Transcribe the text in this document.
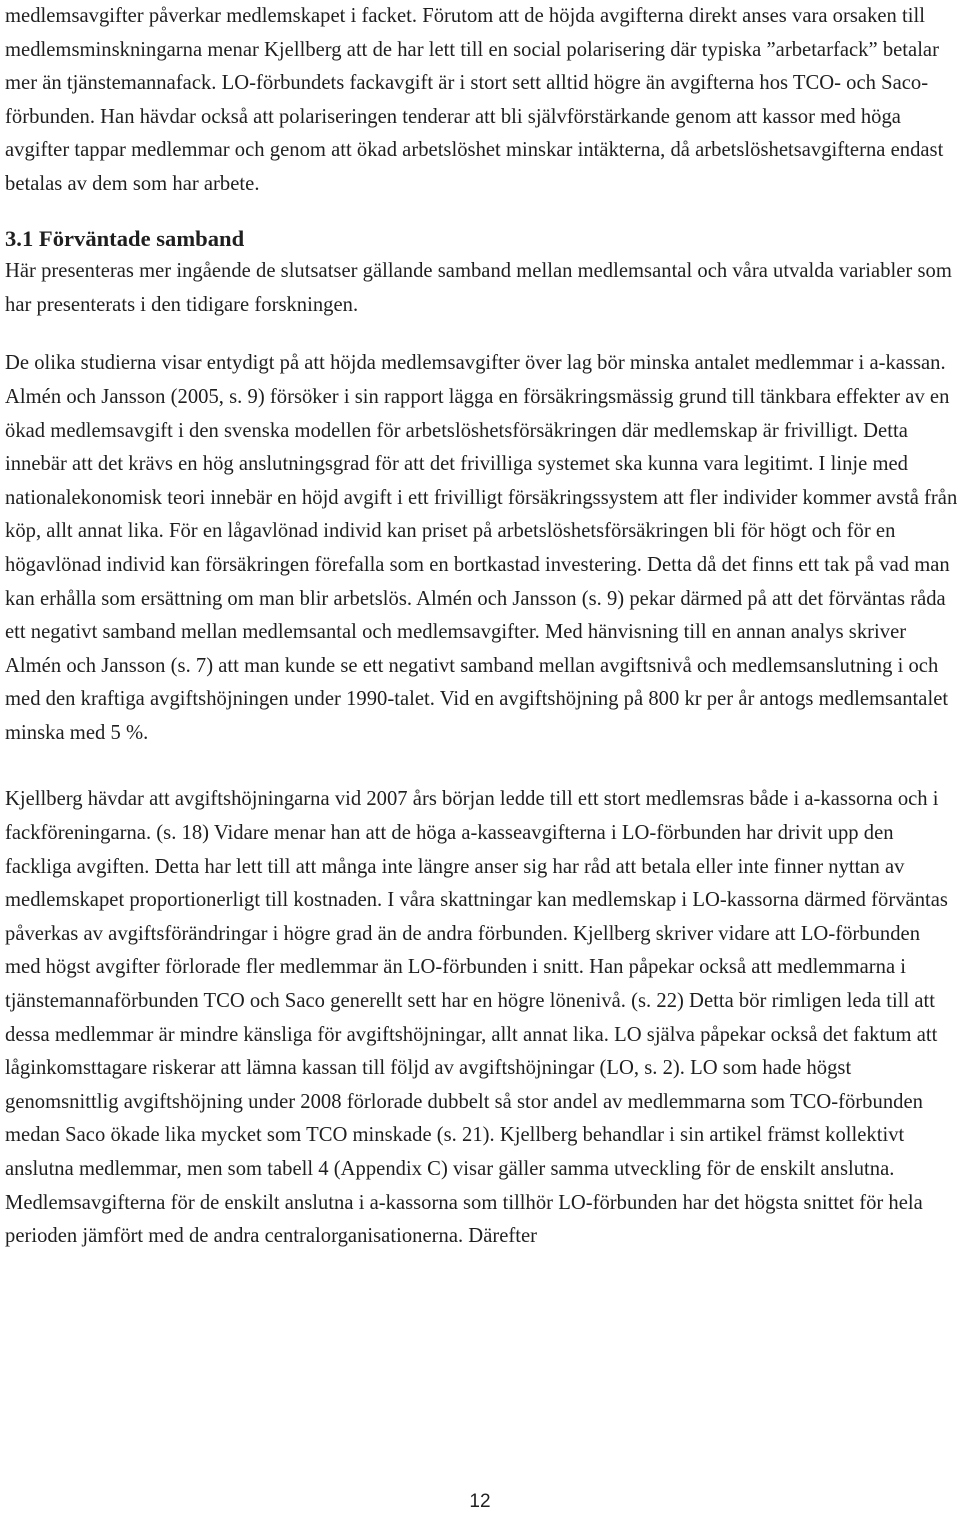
medlemsavgifter påverkar medlemskapet i facket. Förutom att de höjda avgifterna direkt anses vara orsaken till medlemsminskningarna menar Kjellberg att de har lett till en social polarisering där typiska ”arbetarfack” betalar mer än tjänstemannafack. LO-förbundets fackavgift är i stort sett alltid högre än avgifterna hos TCO- och Saco-förbunden. Han hävdar också att polariseringen tenderar att bli självförstärkande genom att kassor med höga avgifter tappar medlemmar och genom att ökad arbetslöshet minskar intäkterna, då arbetslöshetsavgifterna endast betalas av dem som har arbete.

3.1 Förväntade samband

Här presenteras mer ingående de slutsatser gällande samband mellan medlemsantal och våra utvalda variabler som har presenterats i den tidigare forskningen.

De olika studierna visar entydigt på att höjda medlemsavgifter över lag bör minska antalet medlemmar i a-kassan. Almén och Jansson (2005, s. 9) försöker i sin rapport lägga en försäkringsmässig grund till tänkbara effekter av en ökad medlemsavgift i den svenska modellen för arbetslöshetsförsäkringen där medlemskap är frivilligt. Detta innebär att det krävs en hög anslutningsgrad för att det frivilliga systemet ska kunna vara legitimt. I linje med nationalekonomisk teori innebär en höjd avgift i ett frivilligt försäkringssystem att fler individer kommer avstå från köp, allt annat lika. För en lågavlönad individ kan priset på arbetslöshetsförsäkringen bli för högt och för en högavlönad individ kan försäkringen förefalla som en bortkastad investering. Detta då det finns ett tak på vad man kan erhålla som ersättning om man blir arbetslös. Almén och Jansson (s. 9) pekar därmed på att det förväntas råda ett negativt samband mellan medlemsantal och medlemsavgifter. Med hänvisning till en annan analys skriver Almén och Jansson (s. 7) att man kunde se ett negativt samband mellan avgiftsnivå och medlemsanslutning i och med den kraftiga avgiftshöjningen under 1990-talet. Vid en avgiftshöjning på 800 kr per år antogs medlemsantalet minska med 5 %.

Kjellberg hävdar att avgiftshöjningarna vid 2007 års början ledde till ett stort medlemsras både i a-kassorna och i fackföreningarna. (s. 18) Vidare menar han att de höga a-kasseavgifterna i LO-förbunden har drivit upp den fackliga avgiften. Detta har lett till att många inte längre anser sig har råd att betala eller inte finner nyttan av medlemskapet proportionerligt till kostnaden. I våra skattningar kan medlemskap i LO-kassorna därmed förväntas påverkas av avgiftsförändringar i högre grad än de andra förbunden. Kjellberg skriver vidare att LO-förbunden med högst avgifter förlorade fler medlemmar än LO-förbunden i snitt. Han påpekar också att medlemmarna i tjänstemannaförbunden TCO och Saco generellt sett har en högre lönenivå. (s. 22) Detta bör rimligen leda till att dessa medlemmar är mindre känsliga för avgiftshöjningar, allt annat lika. LO själva påpekar också det faktum att låginkomsttagare riskerar att lämna kassan till följd av avgiftshöjningar (LO, s. 2). LO som hade högst genomsnittlig avgiftshöjning under 2008 förlorade dubbelt så stor andel av medlemmarna som TCO-förbunden medan Saco ökade lika mycket som TCO minskade (s. 21). Kjellberg behandlar i sin artikel främst kollektivt anslutna medlemmar, men som tabell 4 (Appendix C) visar gäller samma utveckling för de enskilt anslutna. Medlemsavgifterna för de enskilt anslutna i a-kassorna som tillhör LO-förbunden har det högsta snittet för hela perioden jämfört med de andra centralorganisationerna. Därefter

12
